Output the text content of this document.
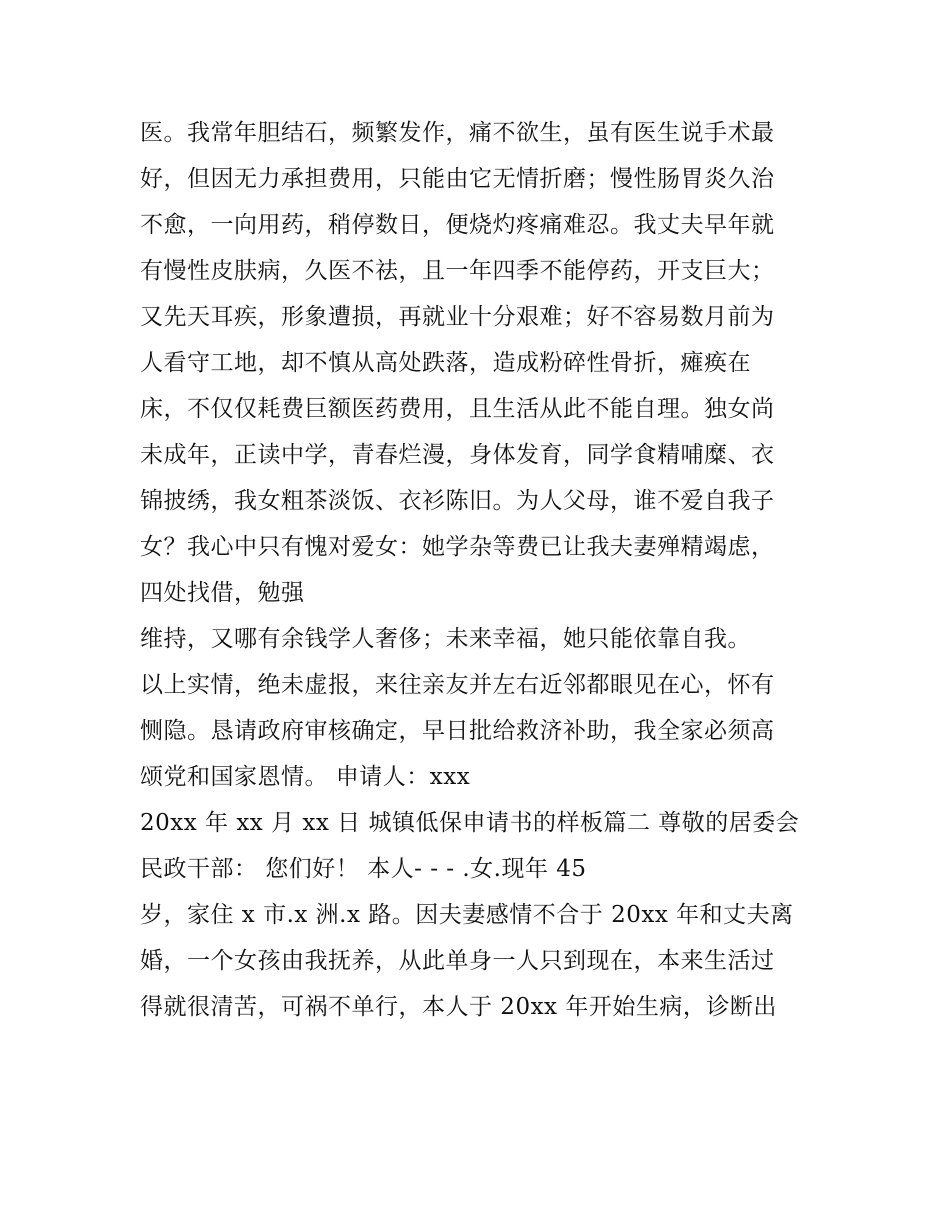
医。我常年胆结石，频繁发作，痛不欲生，虽有医生说手术最
好，但因无力承担费用，只能由它无情折磨；慢性肠胃炎久治
不愈，一向用药，稍停数日，便烧灼疼痛难忍。我丈夫早年就
有慢性皮肤病，久医不祛，且一年四季不能停药，开支巨大；
又先天耳疾，形象遭损，再就业十分艰难；好不容易数月前为
人看守工地，却不慎从高处跌落，造成粉碎性骨折，瘫痪在
床，不仅仅耗费巨额医药费用，且生活从此不能自理。独女尚
未成年，正读中学，青春烂漫，身体发育，同学食精哺糜、衣
锦披绣，我女粗茶淡饭、衣衫陈旧。为人父母，谁不爱自我子
女？我心中只有愧对爱女：她学杂等费已让我夫妻殚精竭虑，
四处找借，勉强
维持，又哪有余钱学人奢侈；未来幸福，她只能依靠自我。
以上实情，绝未虚报，来往亲友并左右近邻都眼见在心，怀有
恻隐。恳请政府审核确定，早日批给救济补助，我全家必须高
颂党和国家恩情。 申请人：xxx
20xx 年 xx 月 xx 日 城镇低保申请书的样板篇二 尊敬的居委会
民政干部： 您们好！ 本人- - - .女.现年 45
岁，家住 x 市.x 洲.x 路。因夫妻感情不合于 20xx 年和丈夫离
婚，一个女孩由我抚养，从此单身一人只到现在，本来生活过
得就很清苦，可祸不单行，本人于 20xx 年开始生病，诊断出
